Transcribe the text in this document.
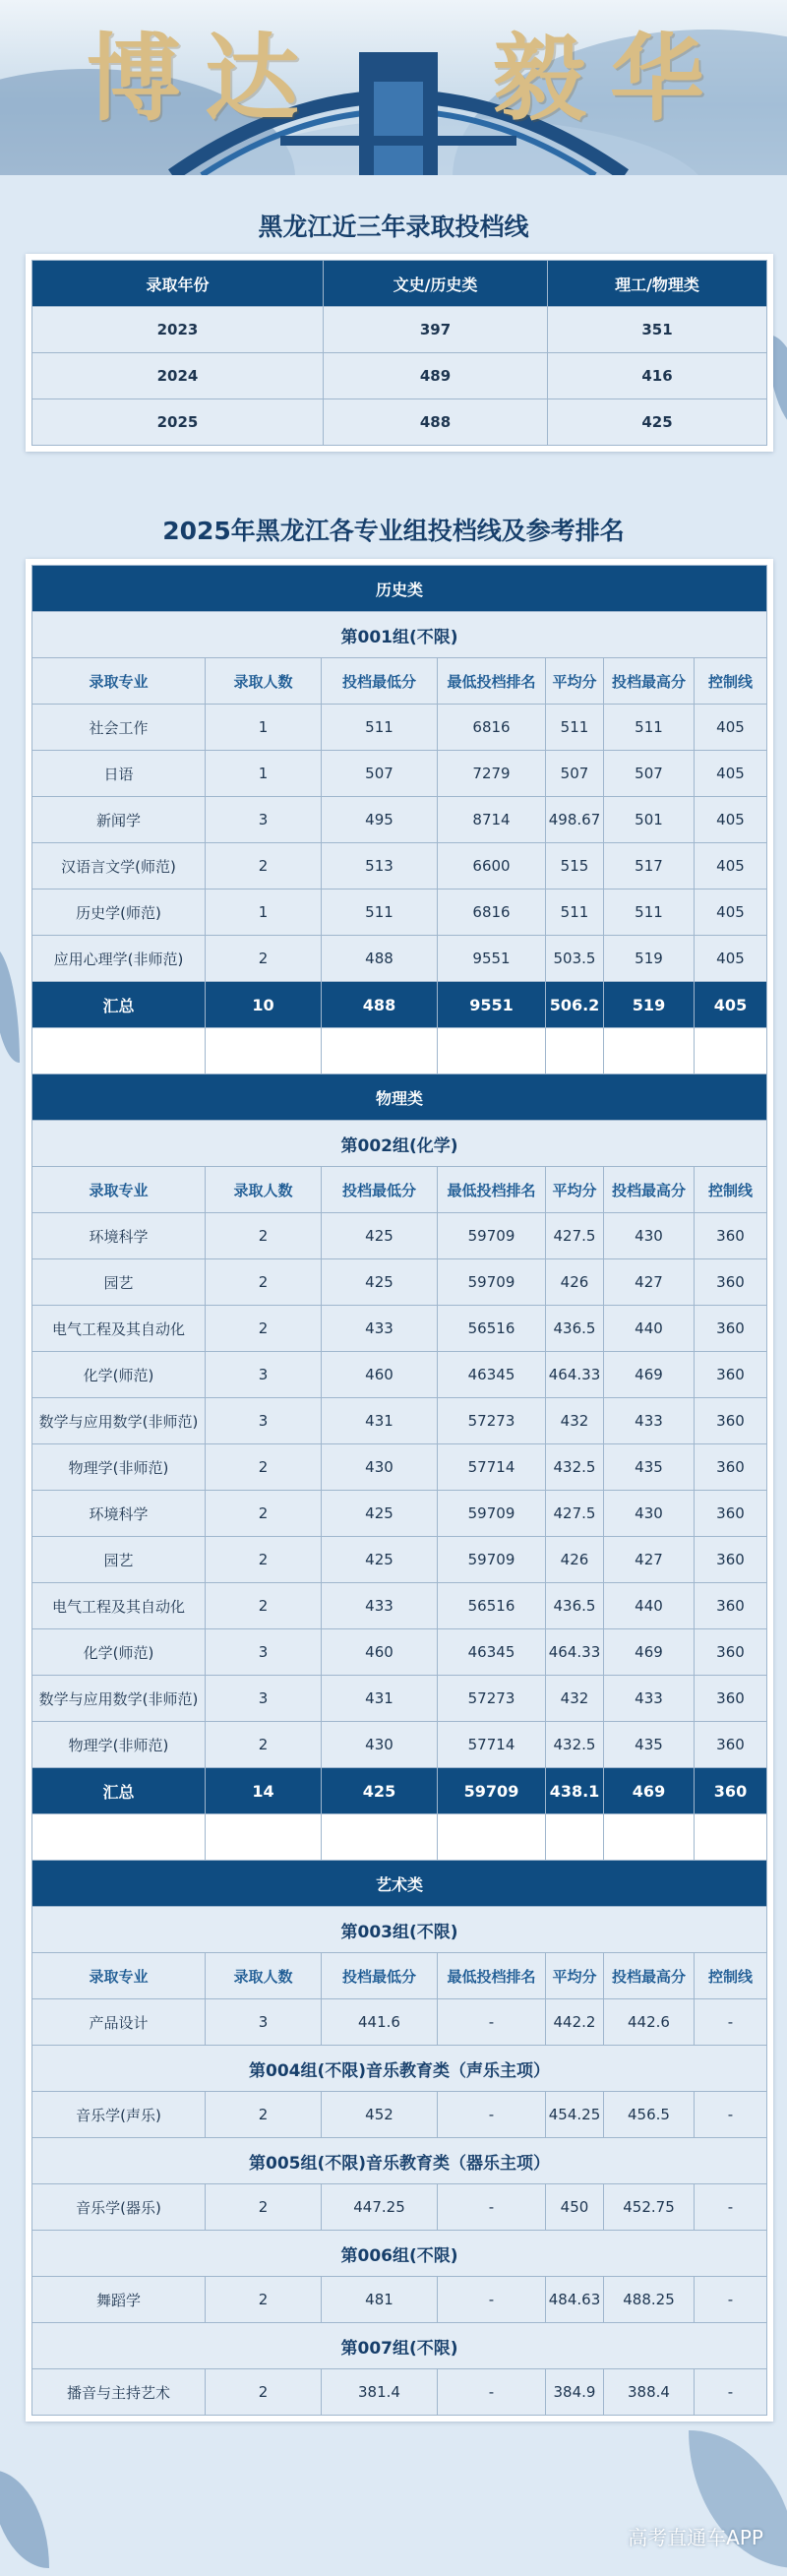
博 达 毅 华
黑龙江近三年录取投档线
录取年份	文史/历史类	理工/物理类
2023	397	351
2024	489	416
2025	488	425
2025年黑龙江各专业组投档线及参考排名
历史类						
第001组(不限)						
录取专业	录取人数	投档最低分	最低投档排名	平均分	投档最高分	控制线
社会工作	1	511	6816	511	511	405
日语	1	507	7279	507	507	405
新闻学	3	495	8714	498.67	501	405
汉语言文学(师范)	2	513	6600	515	517	405
历史学(师范)	1	511	6816	511	511	405
应用心理学(非师范)	2	488	9551	503.5	519	405
汇总	10	488	9551	506.2	519	405

物理类						
第002组(化学)						
录取专业	录取人数	投档最低分	最低投档排名	平均分	投档最高分	控制线
环境科学	2	425	59709	427.5	430	360
园艺	2	425	59709	426	427	360
电气工程及其自动化	2	433	56516	436.5	440	360
化学(师范)	3	460	46345	464.33	469	360
数学与应用数学(非师范)	3	431	57273	432	433	360
物理学(非师范)	2	430	57714	432.5	435	360
环境科学	2	425	59709	427.5	430	360
园艺	2	425	59709	426	427	360
电气工程及其自动化	2	433	56516	436.5	440	360
化学(师范)	3	460	46345	464.33	469	360
数学与应用数学(非师范)	3	431	57273	432	433	360
物理学(非师范)	2	430	57714	432.5	435	360
汇总	14	425	59709	438.1	469	360

艺术类						
第003组(不限)						
录取专业	录取人数	投档最低分	最低投档排名	平均分	投档最高分	控制线
产品设计	3	441.6	-	442.2	442.6	-
第004组(不限)音乐教育类（声乐主项）						
音乐学(声乐)	2	452	-	454.25	456.5	-
第005组(不限)音乐教育类（器乐主项）						
音乐学(器乐)	2	447.25	-	450	452.75	-
第006组(不限)						
舞蹈学	2	481	-	484.63	488.25	-
第007组(不限)						
播音与主持艺术	2	381.4	-	384.9	388.4	-
高考直通车APP
